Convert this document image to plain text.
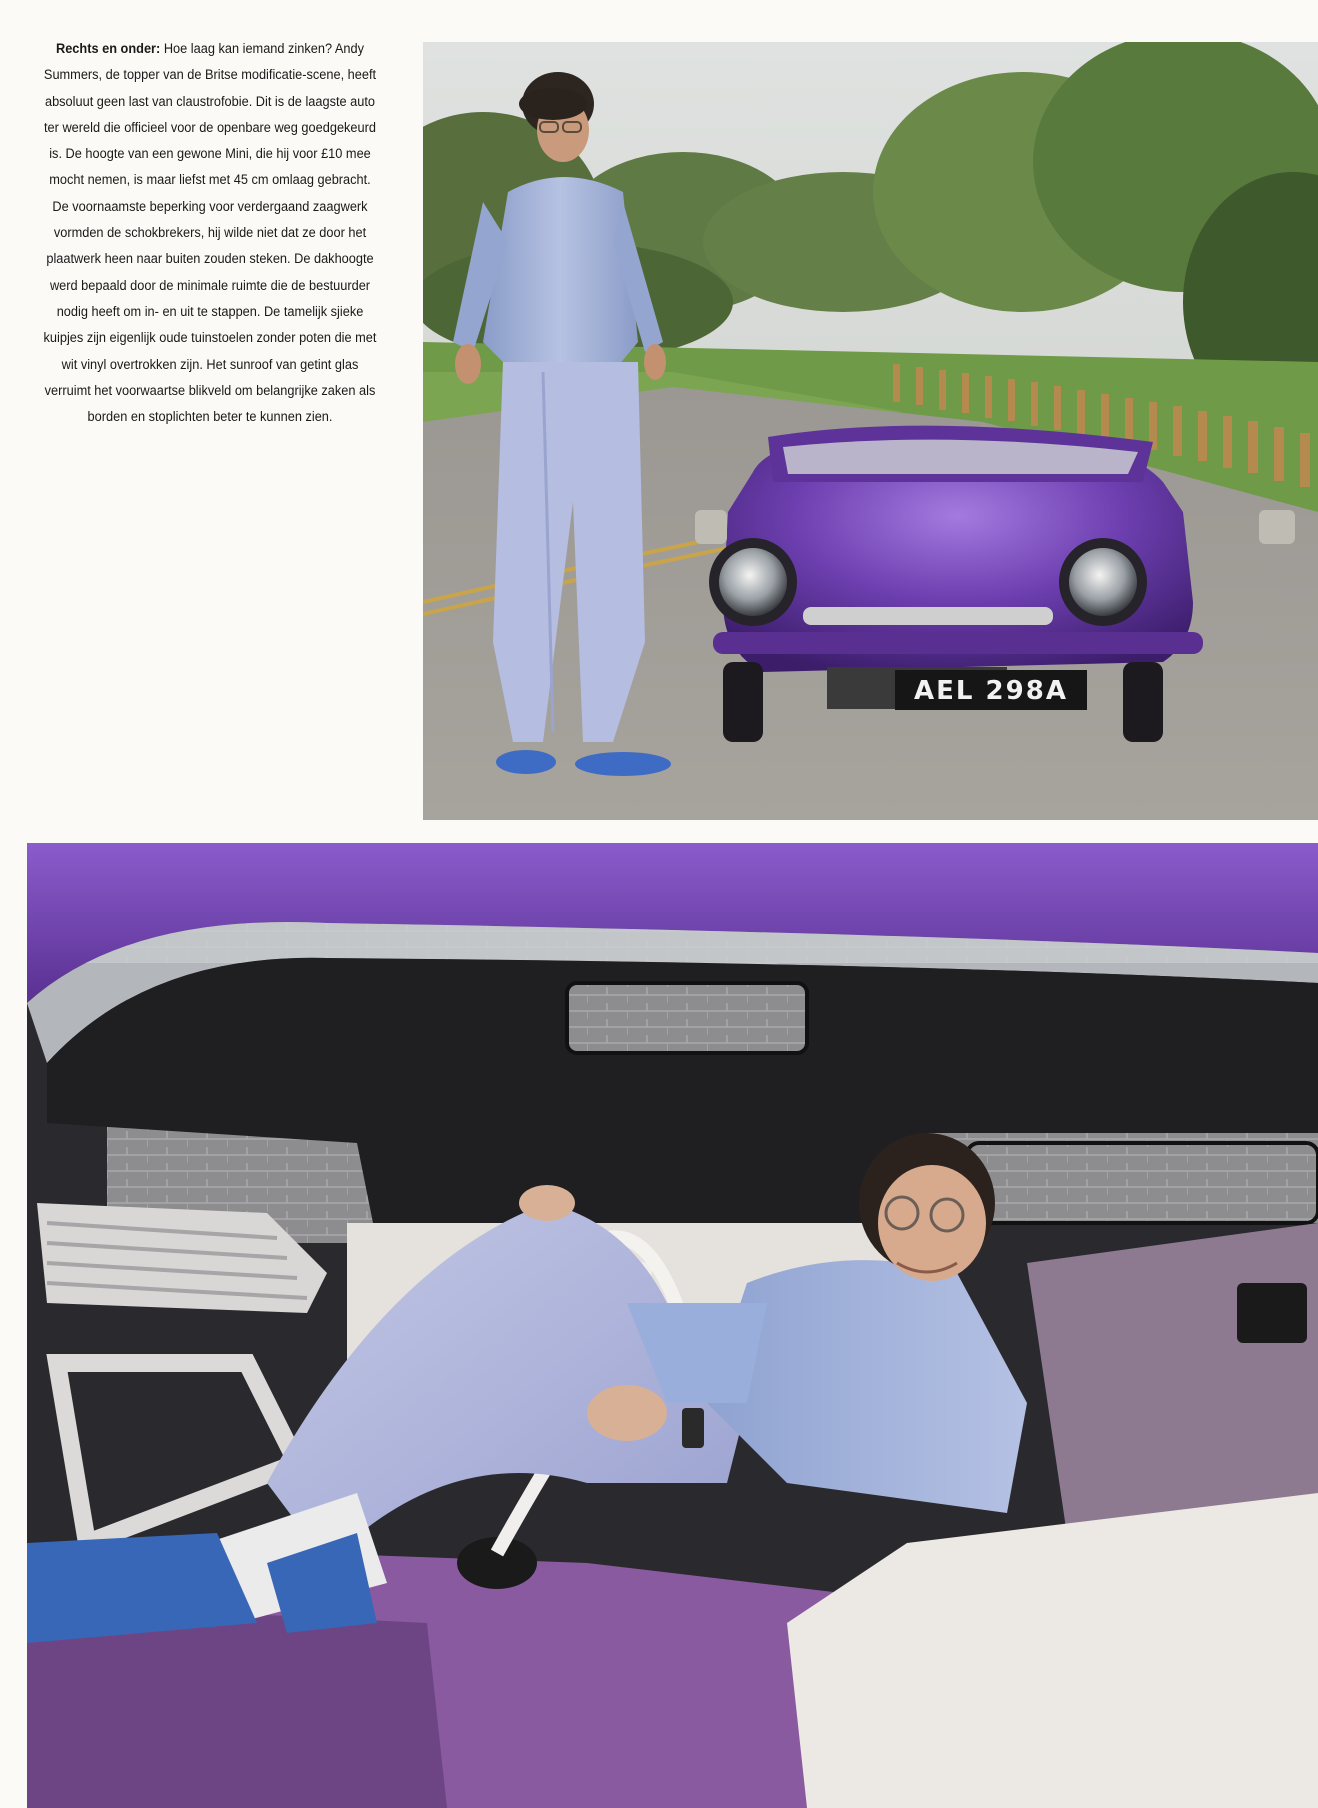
Rechts en onder: Hoe laag kan iemand zinken? Andy Summers, de topper van de Britse modificatie-scene, heeft absoluut geen last van claustrofobie. Dit is de laagste auto ter wereld die officieel voor de openbare weg goedgekeurd is. De hoogte van een gewone Mini, die hij voor £10 mee mocht nemen, is maar liefst met 45 cm omlaag gebracht. De voornaamste beperking voor verdergaand zaagwerk vormden de schokbrekers, hij wilde niet dat ze door het plaatwerk heen naar buiten zouden steken. De dakhoogte werd bepaald door de minimale ruimte die de bestuurder nodig heeft om in- en uit te stappen. De tamelijk sjieke kuipjes zijn eigenlijk oude tuinstoelen zonder poten die met wit vinyl overtrokken zijn. Het sunroof van getint glas verruimt het voorwaartse blikveld om belangrijke zaken als borden en stoplichten beter te kunnen zien.
AEL 298A
